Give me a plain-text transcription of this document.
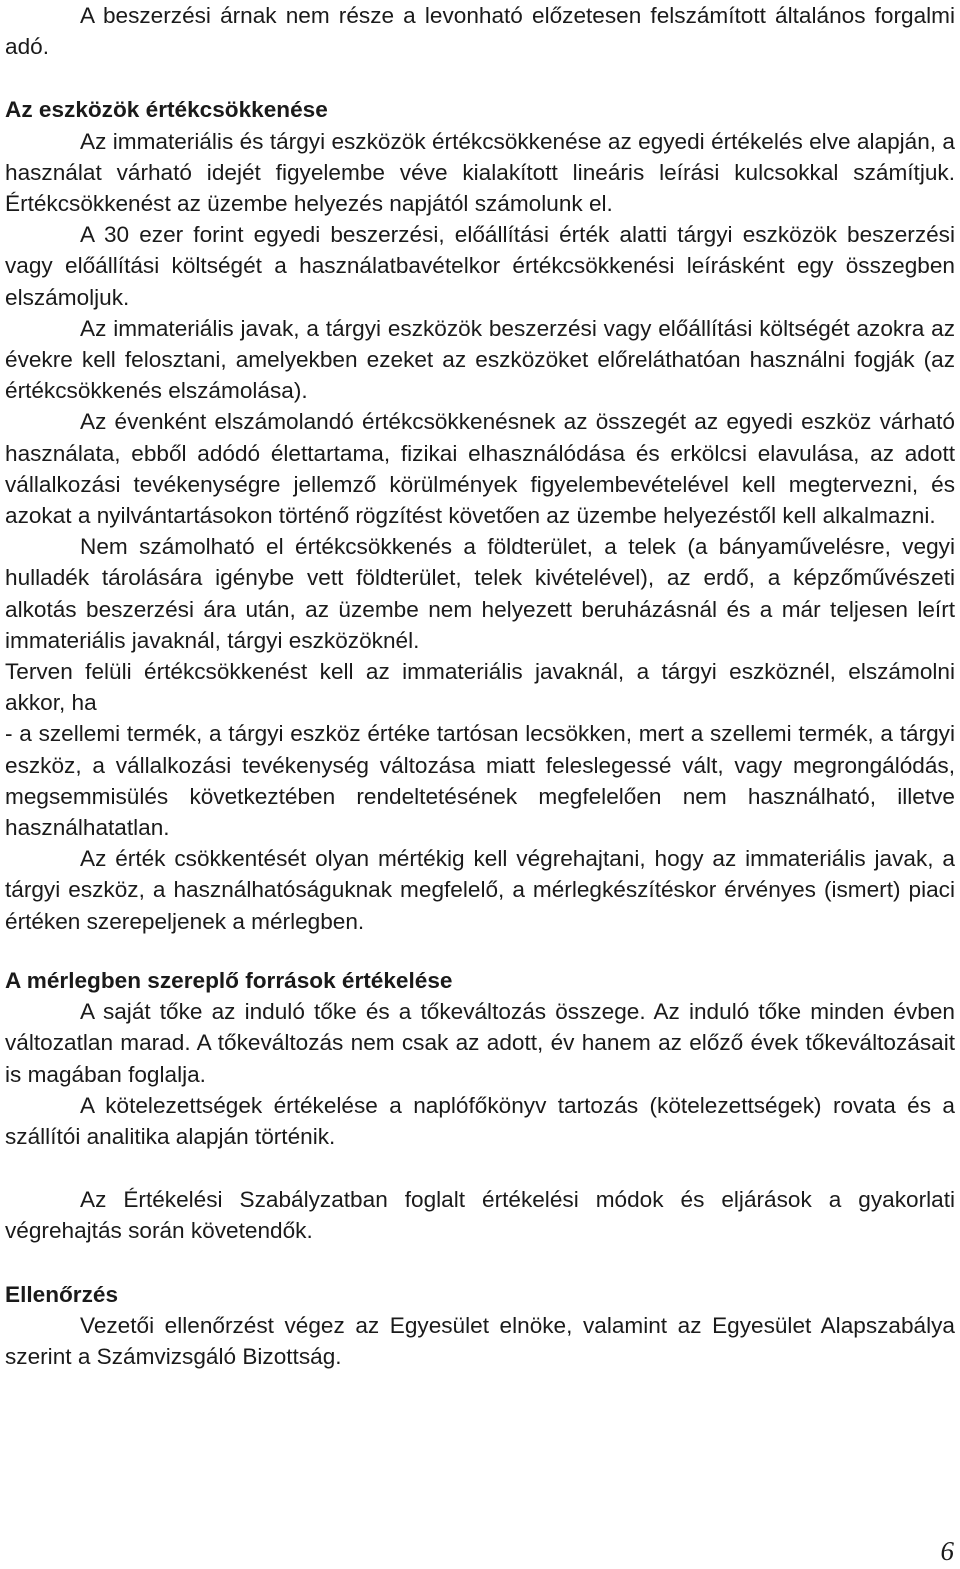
A beszerzési árnak nem része a levonható előzetesen felszámított általános forgalmi adó.

Az eszközök értékcsökkenése

Az immateriális és tárgyi eszközök értékcsökkenése az egyedi értékelés elve alapján, a használat várható idejét figyelembe véve kialakított lineáris leírási kulcsokkal számítjuk. Értékcsökkenést az üzembe helyezés napjától számolunk el.

A 30 ezer forint egyedi beszerzési, előállítási érték alatti tárgyi eszközök beszerzési vagy előállítási költségét a használatbavételkor értékcsökkenési leírásként egy összegben elszámoljuk.

Az immateriális javak, a tárgyi eszközök beszerzési vagy előállítási költségét azokra az évekre kell felosztani, amelyekben ezeket az eszközöket előreláthatóan használni fogják (az értékcsökkenés elszámolása).

Az évenként elszámolandó értékcsökkenésnek az összegét az egyedi eszköz várható használata, ebből adódó élettartama, fizikai elhasználódása és erkölcsi elavulása, az adott vállalkozási tevékenységre jellemző körülmények figyelembevételével kell megtervezni, és azokat a nyilvántartásokon történő rögzítést követően az üzembe helyezéstől kell alkalmazni.

Nem számolható el értékcsökkenés a földterület, a telek (a bányaművelésre, vegyi hulladék tárolására igénybe vett földterület, telek kivételével), az erdő, a képzőművészeti alkotás beszerzési ára után, az üzembe nem helyezett beruházásnál és a már teljesen leírt immateriális javaknál, tárgyi eszközöknél.

Terven felüli értékcsökkenést kell az immateriális javaknál, a tárgyi eszköznél, elszámolni akkor, ha

- a szellemi termék, a tárgyi eszköz értéke tartósan lecsökken, mert a szellemi termék, a tárgyi eszköz, a vállalkozási tevékenység változása miatt feleslegessé vált, vagy megrongálódás, megsemmisülés következtében rendeltetésének megfelelően nem használható, illetve használhatatlan.

Az érték csökkentését olyan mértékig kell végrehajtani, hogy az immateriális javak, a tárgyi eszköz, a használhatóságuknak megfelelő, a mérlegkészítéskor érvényes (ismert) piaci értéken szerepeljenek a mérlegben.

A mérlegben szereplő források értékelése

A saját tőke az induló tőke és a tőkeváltozás összege. Az induló tőke minden évben változatlan marad. A tőkeváltozás nem csak az adott, év hanem az előző évek tőkeváltozásait is magában foglalja.

A kötelezettségek értékelése a naplófőkönyv tartozás (kötelezettségek) rovata és a szállítói analitika alapján történik.

Az Értékelési Szabályzatban foglalt értékelési módok és eljárások a gyakorlati végrehajtás során követendők.

Ellenőrzés

Vezetői ellenőrzést végez az Egyesület elnöke, valamint az Egyesület Alapszabálya szerint a Számvizsgáló Bizottság.

6
